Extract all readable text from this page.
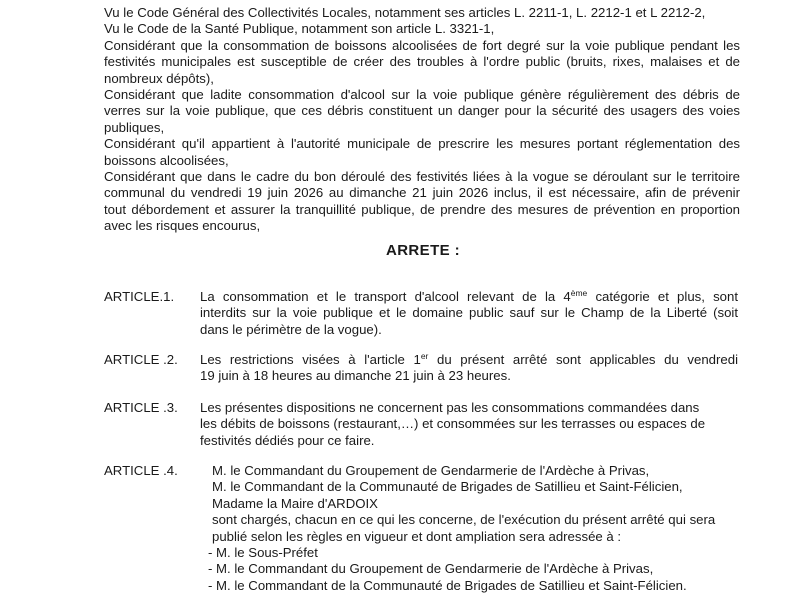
Vu le Code Général des Collectivités Locales, notamment ses articles L. 2211-1, L. 2212-1 et L 2212-2,
Vu le Code de la Santé Publique, notamment son article L. 3321-1,
Considérant que la consommation de boissons alcoolisées de fort degré sur la voie publique pendant les
festivités municipales est susceptible de créer des troubles à l'ordre public (bruits, rixes, malaises et de
nombreux dépôts),
Considérant que ladite consommation d'alcool sur la voie publique génère régulièrement des débris de
verres sur la voie publique, que ces débris constituent un danger pour la sécurité des usagers des voies
publiques,
Considérant qu'il appartient à l'autorité municipale de prescrire les mesures portant réglementation des
boissons alcoolisées,
Considérant que dans le cadre du bon déroulé des festivités liées à la vogue se déroulant sur le territoire
communal du vendredi 19 juin 2026 au dimanche 21 juin 2026 inclus, il est nécessaire, afin de prévenir
tout débordement et assurer la tranquillité publique, de prendre des mesures de prévention en proportion
avec les risques encourus,
ARRETE :
ARTICLE.1. La consommation et le transport d'alcool relevant de la 4ème catégorie et plus, sont
interdits sur la voie publique et le domaine public sauf sur le Champ de la Liberté (soit
dans le périmètre de la vogue).
ARTICLE .2. Les restrictions visées à l'article 1er du présent arrêté sont applicables du vendredi
19 juin à 18 heures au dimanche 21 juin à 23 heures.
ARTICLE .3. Les présentes dispositions ne concernent pas les consommations commandées dans
les débits de boissons (restaurant,…) et consommées sur les terrasses ou espaces de
festivités dédiés pour ce faire.
ARTICLE .4.	M. le Commandant du Groupement de Gendarmerie de l'Ardèche à Privas,
M. le Commandant de la Communauté de Brigades de Satillieu et Saint-Félicien,
Madame la Maire d'ARDOIX
sont chargés, chacun en ce qui les concerne, de l'exécution du présent arrêté qui sera
publié selon les règles en vigueur et dont ampliation sera adressée à :
- M. le Sous-Préfet
- M. le Commandant du Groupement de Gendarmerie de l'Ardèche à Privas,
- M. le Commandant de la Communauté de Brigades de Satillieu et Saint-Félicien.
